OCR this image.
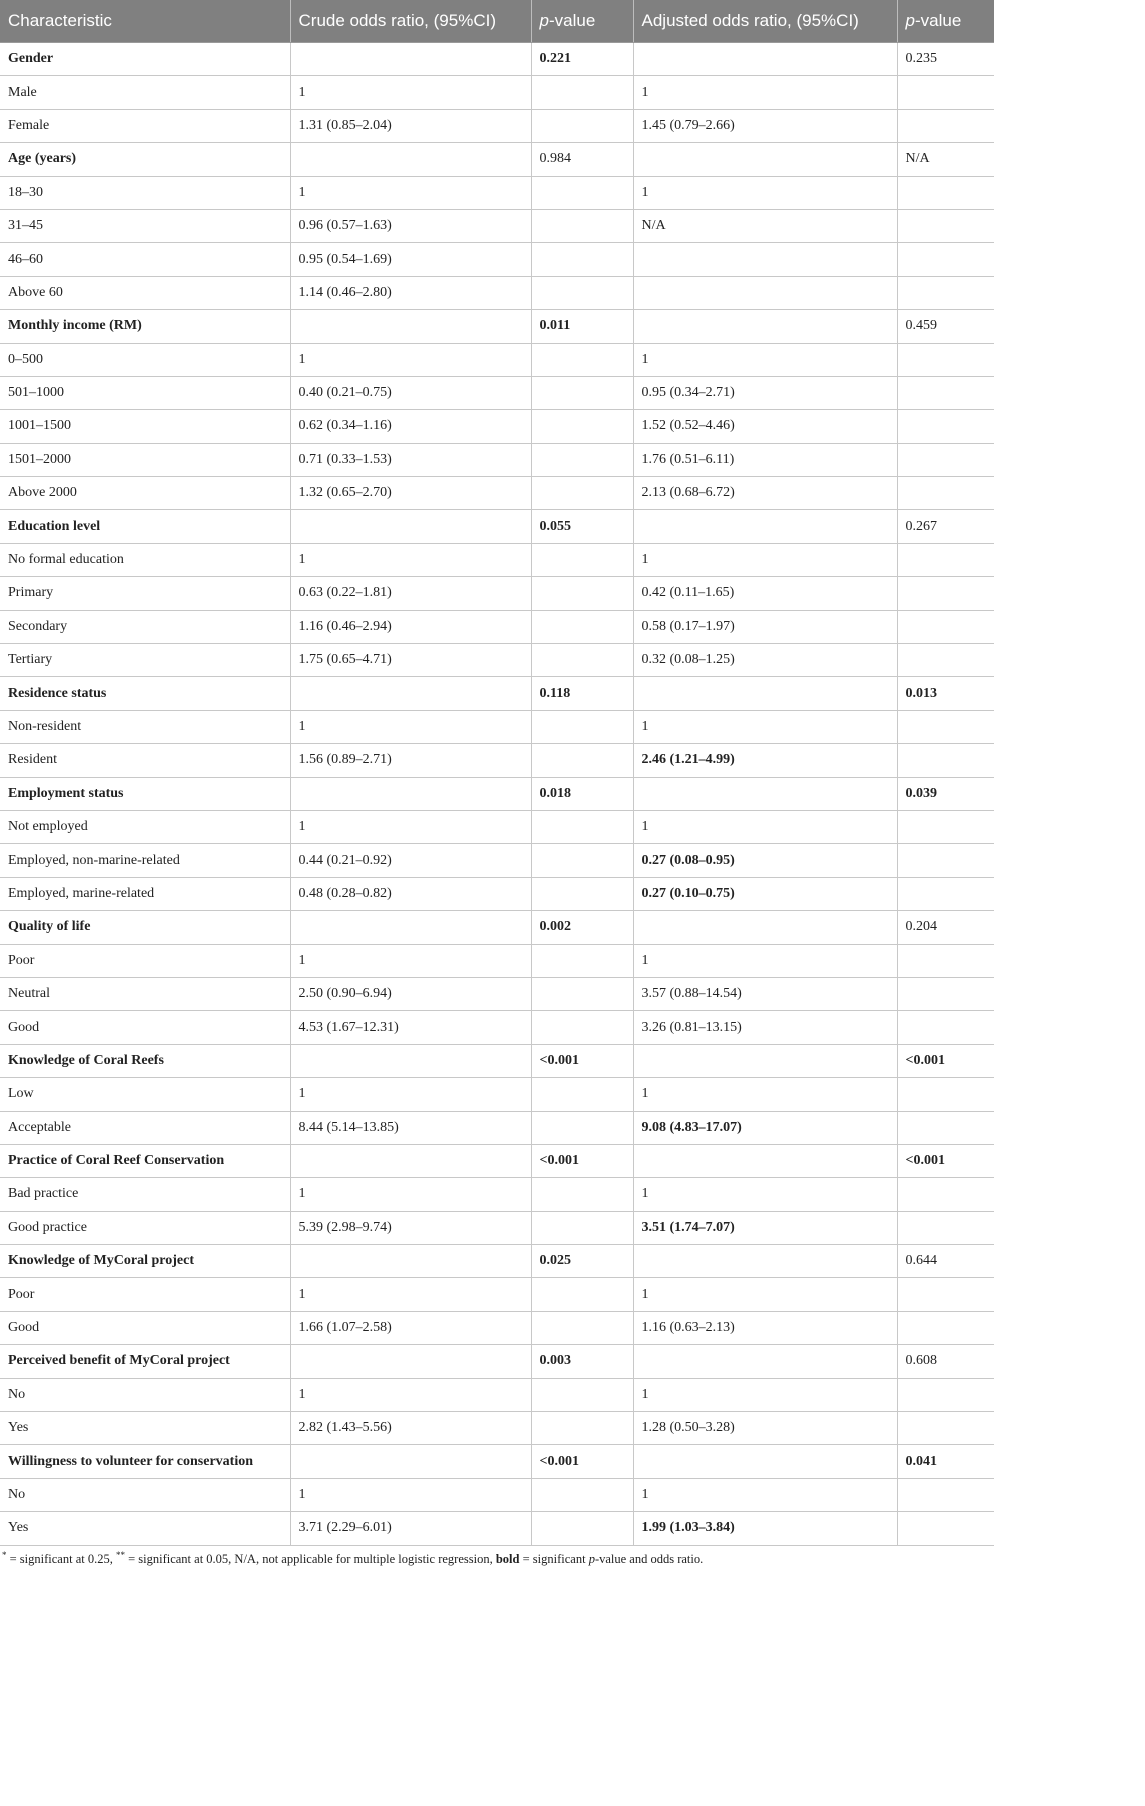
Characteristic	Crude odds ratio, (95%CI)	p-value	Adjusted odds ratio, (95%CI)	p-value
Gender		0.221		0.235
Male	1		1	
Female	1.31 (0.85–2.04)		1.45 (0.79–2.66)	
Age (years)		0.984		N/A
18–30	1		1	
31–45	0.96 (0.57–1.63)		N/A	
46–60	0.95 (0.54–1.69)			
Above 60	1.14 (0.46–2.80)			
Monthly income (RM)		0.011		0.459
0–500	1		1	
501–1000	0.40 (0.21–0.75)		0.95 (0.34–2.71)	
1001–1500	0.62 (0.34–1.16)		1.52 (0.52–4.46)	
1501–2000	0.71 (0.33–1.53)		1.76 (0.51–6.11)	
Above 2000	1.32 (0.65–2.70)		2.13 (0.68–6.72)	
Education level		0.055		0.267
No formal education	1		1	
Primary	0.63 (0.22–1.81)		0.42 (0.11–1.65)	
Secondary	1.16 (0.46–2.94)		0.58 (0.17–1.97)	
Tertiary	1.75 (0.65–4.71)		0.32 (0.08–1.25)	
Residence status		0.118		0.013
Non-resident	1		1	
Resident	1.56 (0.89–2.71)		2.46 (1.21–4.99)	
Employment status		0.018		0.039
Not employed	1		1	
Employed, non-marine-related	0.44 (0.21–0.92)		0.27 (0.08–0.95)	
Employed, marine-related	0.48 (0.28–0.82)		0.27 (0.10–0.75)	
Quality of life		0.002		0.204
Poor	1		1	
Neutral	2.50 (0.90–6.94)		3.57 (0.88–14.54)	
Good	4.53 (1.67–12.31)		3.26 (0.81–13.15)	
Knowledge of Coral Reefs		<0.001		<0.001
Low	1		1	
Acceptable	8.44 (5.14–13.85)		9.08 (4.83–17.07)	
Practice of Coral Reef Conservation		<0.001		<0.001
Bad practice	1		1	
Good practice	5.39 (2.98–9.74)		3.51 (1.74–7.07)	
Knowledge of MyCoral project		0.025		0.644
Poor	1		1	
Good	1.66 (1.07–2.58)		1.16 (0.63–2.13)	
Perceived benefit of MyCoral project		0.003		0.608
No	1		1	
Yes	2.82 (1.43–5.56)		1.28 (0.50–3.28)	
Willingness to volunteer for conservation		<0.001		0.041
No	1		1	
Yes	3.71 (2.29–6.01)		1.99 (1.03–3.84)	
* = significant at 0.25, ** = significant at 0.05, N/A, not applicable for multiple logistic regression, bold = significant p-value and odds ratio.
